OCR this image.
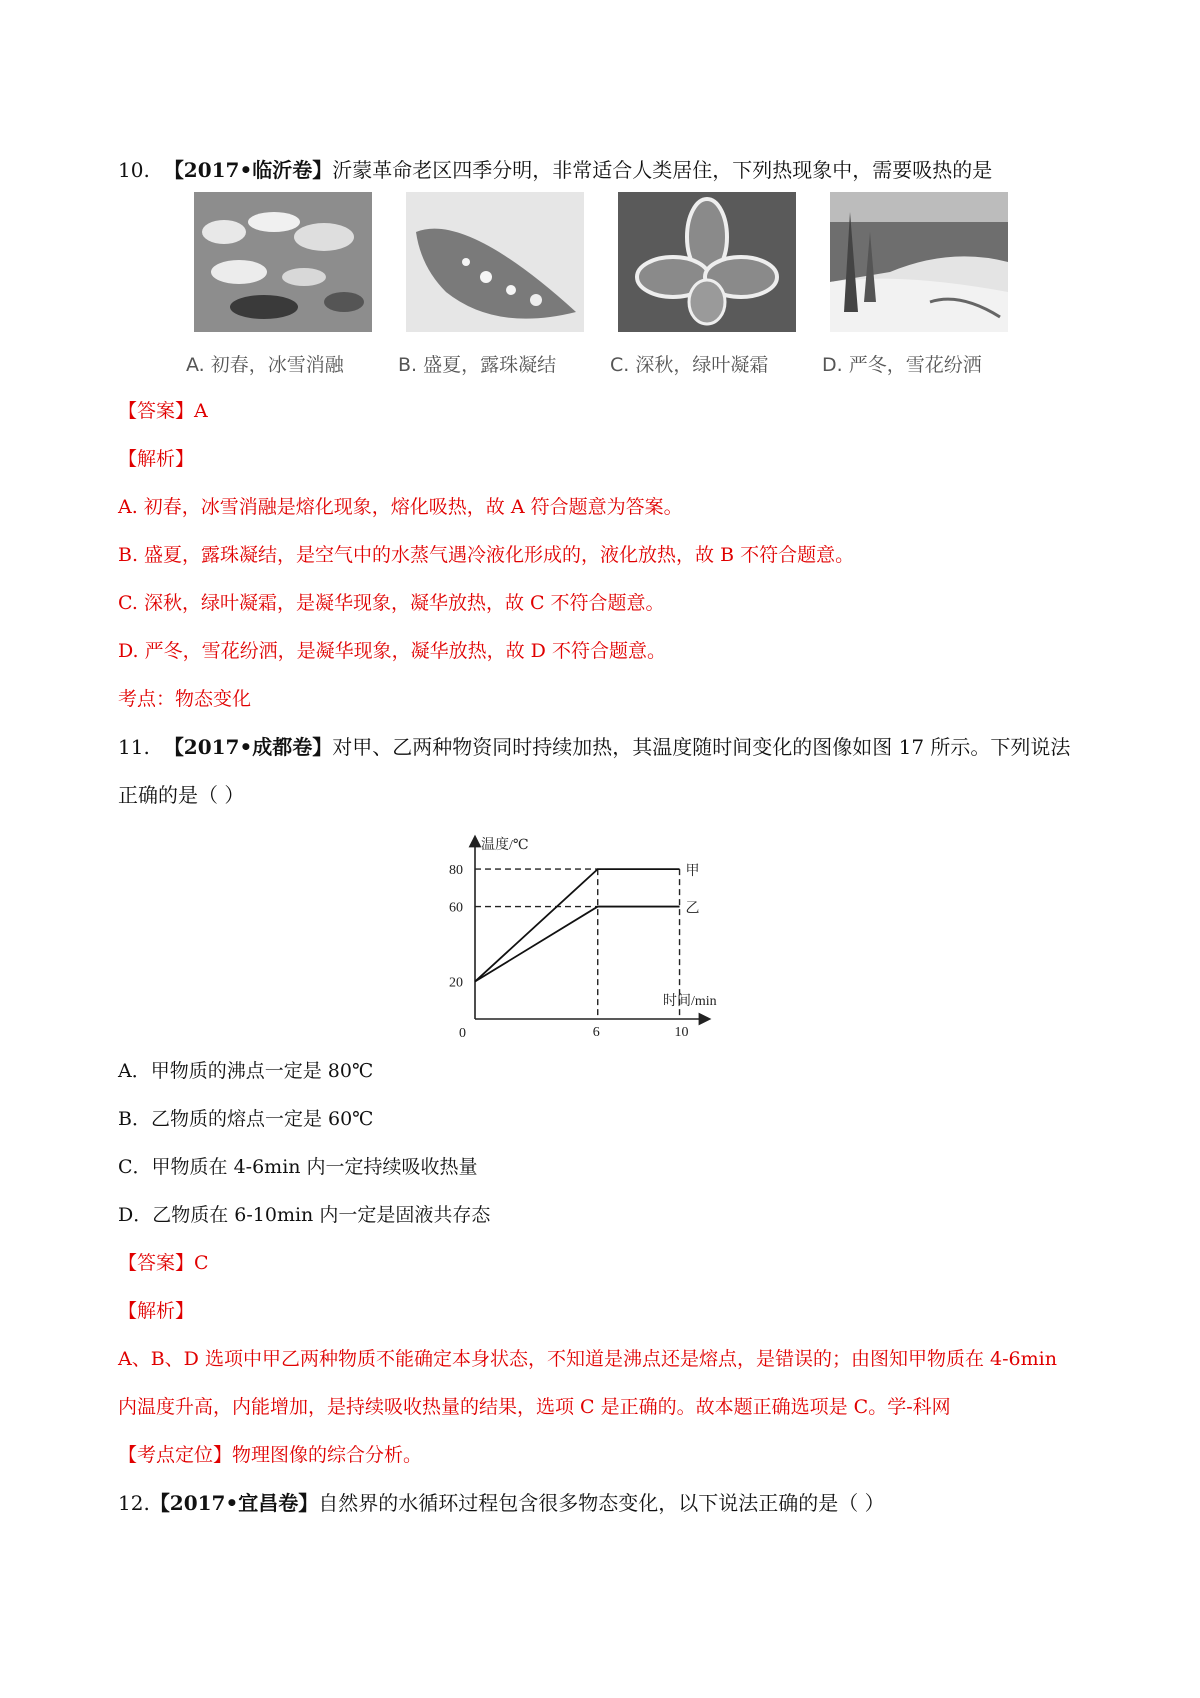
10. 【2017•临沂卷】沂蒙革命老区四季分明，非常适合人类居住，下列热现象中，需要吸热的是
A. 初春，冰雪消融	B. 盛夏，露珠凝结	C. 深秋，绿叶凝霜	D. 严冬，雪花纷洒
【答案】A
【解析】
A. 初春，冰雪消融是熔化现象，熔化吸热，故 A 符合题意为答案。
B. 盛夏，露珠凝结，是空气中的水蒸气遇冷液化形成的，液化放热，故 B 不符合题意。
C. 深秋，绿叶凝霜，是凝华现象，凝华放热，故 C 不符合题意。
D. 严冬，雪花纷洒，是凝华现象，凝华放热，故 D 不符合题意。
考点：物态变化
11. 【2017•成都卷】对甲、乙两种物资同时持续加热，其温度随时间变化的图像如图 17 所示。下列说法
正确的是（ ）
温度/℃
时间/min
0	6	10
20
60
80	甲
乙
A．甲物质的沸点一定是 80℃
B．乙物质的熔点一定是 60℃
C．甲物质在 4-6min 内一定持续吸收热量
D．乙物质在 6-10min 内一定是固液共存态
【答案】C
【解析】
A、B、D 选项中甲乙两种物质不能确定本身状态，不知道是沸点还是熔点，是错误的；由图知甲物质在 4-6min
内温度升高，内能增加，是持续吸收热量的结果，选项 C 是正确的。故本题正确选项是 C。学-科网
【考点定位】物理图像的综合分析。
12.【2017•宜昌卷】自然界的水循环过程包含很多物态变化，以下说法正确的是（ ）
